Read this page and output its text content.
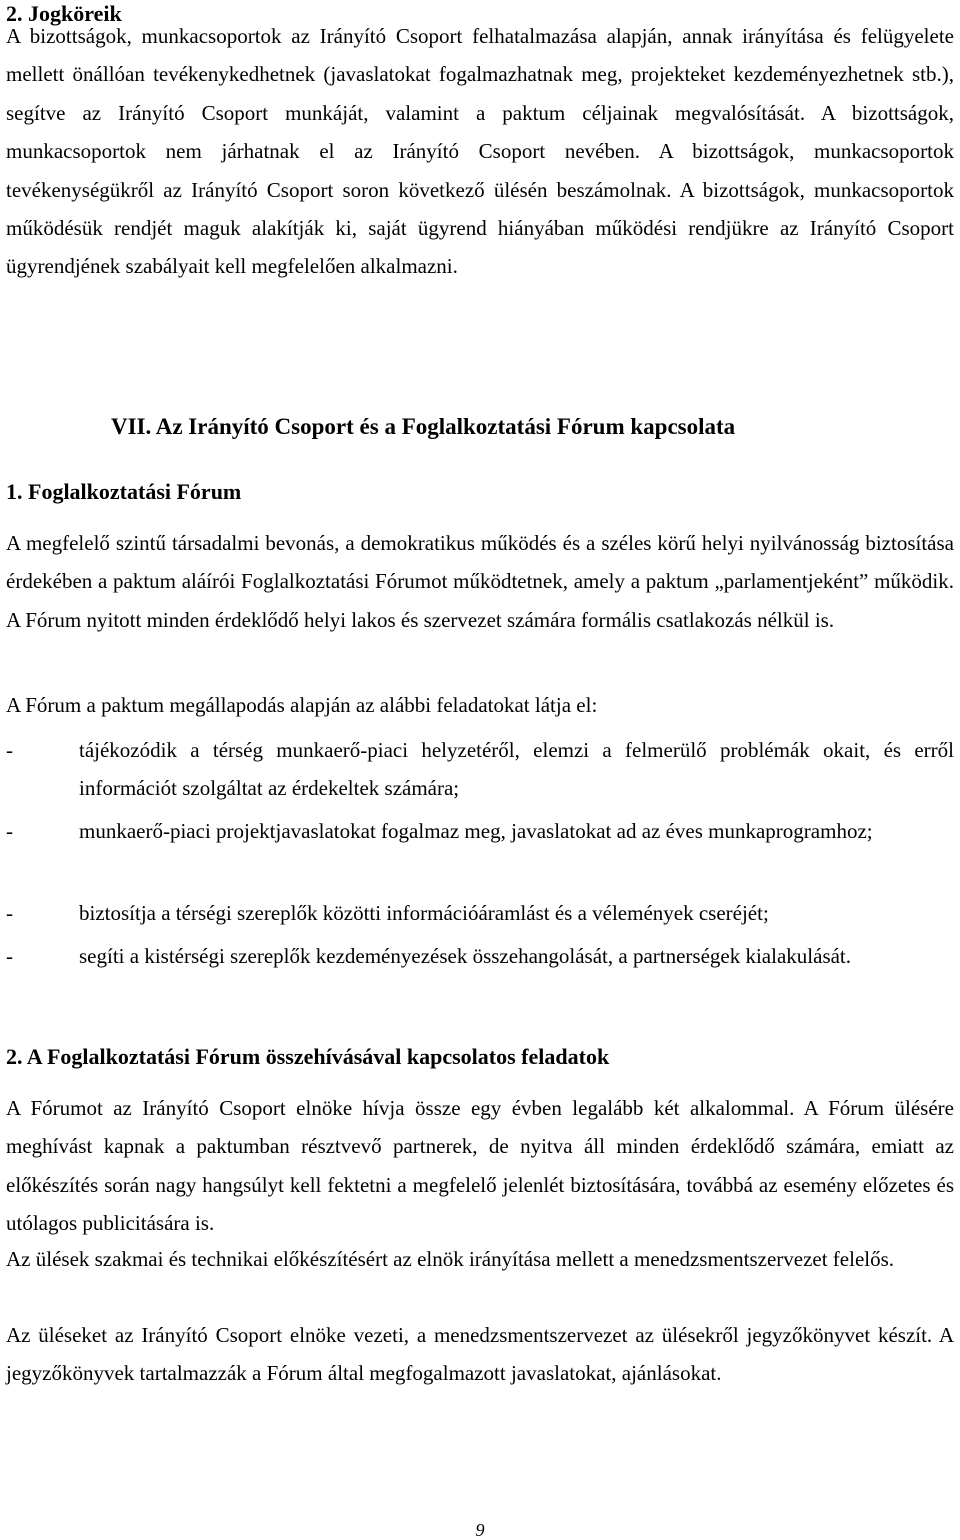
2. Jogköreik
A bizottságok, munkacsoportok az Irányító Csoport felhatalmazása alapján, annak irányítása és felügyelete mellett önállóan tevékenykedhetnek (javaslatokat fogalmazhatnak meg, projekteket kezdeményezhetnek stb.), segítve az Irányító Csoport munkáját, valamint a paktum céljainak megvalósítását. A bizottságok, munkacsoportok nem járhatnak el az Irányító Csoport nevében. A bizottságok, munkacsoportok tevékenységükről az Irányító Csoport soron következő ülésén beszámolnak. A bizottságok, munkacsoportok működésük rendjét maguk alakítják ki, saját ügyrend hiányában működési rendjükre az Irányító Csoport ügyrendjének szabályait kell megfelelően alkalmazni.
VII. Az Irányító Csoport és a Foglalkoztatási Fórum kapcsolata
1. Foglalkoztatási Fórum
A megfelelő szintű társadalmi bevonás, a demokratikus működés és a széles körű helyi nyilvánosság biztosítása érdekében a paktum aláírói Foglalkoztatási Fórumot működtetnek, amely a paktum „parlamentjeként” működik. A Fórum nyitott minden érdeklődő helyi lakos és szervezet számára formális csatlakozás nélkül is.
A Fórum a paktum megállapodás alapján az alábbi feladatokat látja el:
-	tájékozódik a térség munkaerő-piaci helyzetéről, elemzi a felmerülő problémák okait, és erről információt szolgáltat az érdekeltek számára;
-	munkaerő-piaci projektjavaslatokat fogalmaz meg, javaslatokat ad az éves munkaprogramhoz;
-	biztosítja a térségi szereplők közötti információáramlást és a vélemények cseréjét;
-	segíti a kistérségi szereplők kezdeményezések összehangolását, a partnerségek kialakulását.
2. A Foglalkoztatási Fórum összehívásával kapcsolatos feladatok
A Fórumot az Irányító Csoport elnöke hívja össze egy évben legalább két alkalommal. A Fórum ülésére meghívást kapnak a paktumban résztvevő partnerek, de nyitva áll minden érdeklődő számára, emiatt az előkészítés során nagy hangsúlyt kell fektetni a megfelelő jelenlét biztosítására, továbbá az esemény előzetes és utólagos publicitására is.
Az ülések szakmai és technikai előkészítésért az elnök irányítása mellett a menedzsmentszervezet felelős.
Az üléseket az Irányító Csoport elnöke vezeti, a menedzsmentszervezet az ülésekről jegyzőkönyvet készít. A jegyzőkönyvek tartalmazzák a Fórum által megfogalmazott javaslatokat, ajánlásokat.
9
